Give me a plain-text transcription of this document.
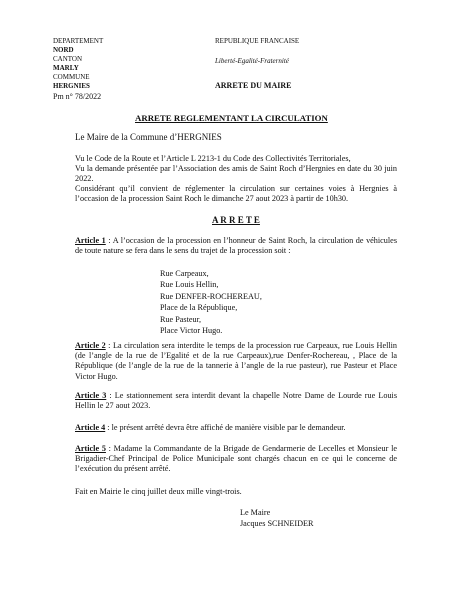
DEPARTEMENT
NORD
CANTON
MARLY
COMMUNE
HERGNIES
Pm n° 78/2022
REPUBLIQUE FRANCAISE
Liberté-Egalité-Fraternité
ARRETE DU MAIRE
ARRETE REGLEMENTANT LA CIRCULATION
Le Maire de la Commune d’HERGNIES
Vu le Code de la Route et l’Article L 2213-1 du Code des Collectivités Territoriales,
Vu la demande présentée par l’Association des amis de Saint Roch d’Hergnies en date du 30 juin 2022.
Considérant qu’il convient de réglementer la circulation sur certaines voies à Hergnies à l’occasion de la procession Saint Roch le dimanche 27 aout 2023 à partir de 10h30.
A R R E T E
Article 1 : A l’occasion de la procession en l’honneur de Saint Roch, la circulation de véhicules de toute nature se fera dans le sens du trajet de la procession soit :
Rue Carpeaux,
Rue Louis Hellin,
Rue DENFER-ROCHEREAU,
Place de la République,
Rue Pasteur,
Place Victor Hugo.
Article 2 : La circulation sera interdite le temps de la procession rue Carpeaux, rue Louis Hellin (de l’angle de la rue de l’Egalité et de la rue Carpeaux),rue Denfer-Rochereau, , Place de la République (de l’angle de la rue de la tannerie à l’angle de la rue pasteur), rue Pasteur et Place Victor Hugo.
Article 3 : Le stationnement sera interdit devant la chapelle Notre Dame de Lourde rue Louis Hellin le 27 aout 2023.
Article 4 : le présent arrêté devra être affiché de manière visible par le demandeur.
Article 5 : Madame la Commandante de la Brigade de Gendarmerie de Lecelles et Monsieur le Brigadier-Chef Principal de Police Municipale sont chargés chacun en ce qui le concerne de l’exécution du présent arrêté.
Fait en Mairie le cinq juillet deux mille vingt-trois.
Le Maire
Jacques SCHNEIDER
